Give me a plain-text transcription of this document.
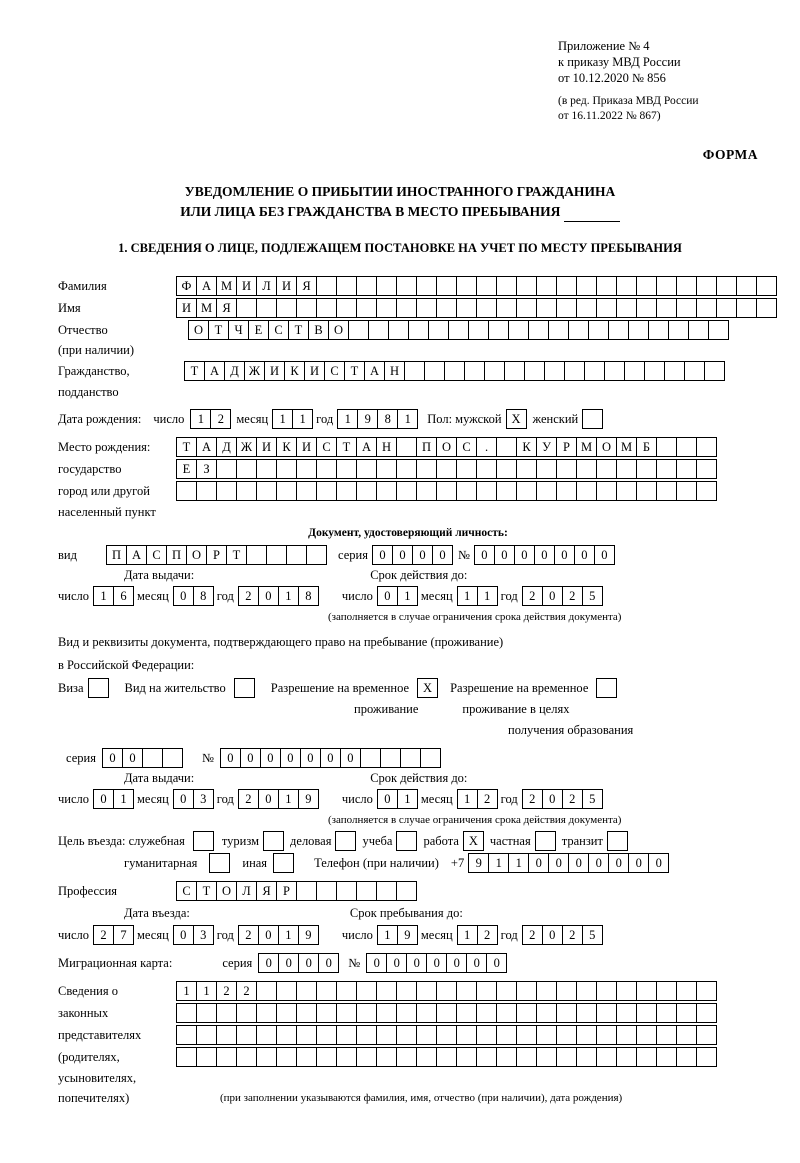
Приложение № 4
к приказу МВД России
от 10.12.2020 № 856
(в ред. Приказа МВД России
от 16.11.2022 № 867)
ФОРМА
УВЕДОМЛЕНИЕ О ПРИБЫТИИ ИНОСТРАННОГО ГРАЖДАНИНА
ИЛИ ЛИЦА БЕЗ ГРАЖДАНСТВА В МЕСТО ПРЕБЫВАНИЯ
1. СВЕДЕНИЯ О ЛИЦЕ, ПОДЛЕЖАЩЕМ ПОСТАНОВКЕ НА УЧЕТ ПО МЕСТУ ПРЕБЫВАНИЯ
Фамилия	Ф А М И Л И Я
Имя	И М Я
Отчество	О Т Ч Е С Т В О
(при наличии)
Гражданство,	Т А Д Ж И К И С Т А Н
подданство
Дата рождения: число	1	2 месяц 1	1 год 1	9	8	1	Пол: мужской Х женский
Место рождения:	Т А Д Ж И К И С Т А Н	П О С	.	К У Р М О М Б
государство	Е	З
город или другой
населенный пункт
Документ, удостоверяющий личность:
вид	П А С П О Р	Т	серия 0	0	0	0 № 0	0	0	0	0	0	0
Дата выдачи:	Срок действия до:
число 1	6 месяц 0	8 год 2	0	1	8	число 0	1 месяц 1	1 год 2	0	2	5
(заполняется в случае ограничения срока действия документа)
Вид и реквизиты документа, подтверждающего право на пребывание (проживание)
в Российской Федерации:
Виза	Вид на жительство	Разрешение на временное	Х	Разрешение на временное
проживание	проживание в целях
получения образования
серия	0	0	№	0	0	0	0	0	0	0
Дата выдачи:	Срок действия до:
число 0	1 месяц 0	3 год 2	0	1	9	число 0	1 месяц 1	2 год 2	0	2	5
(заполняется в случае ограничения срока действия документа)
Цель въезда: служебная	туризм деловая учеба работа Х частная транзит
гуманитарная	иная	Телефон (при наличии) +7 9	1	1	0	0	0	0	0	0	0
Профессия	С Т О Л Я Р
Дата въезда:	Срок пребывания до:
число 2	7 месяц 0	3 год 2	0	1	9	число 1	9 месяц 1	2 год 2	0	2	5
Миграционная карта:	серия	0	0	0	0	№	0	0	0	0	0	0	0
Сведения о	1	1	2	2
законных
представителях
(родителях,
усыновителях,
попечителях)	(при заполнении указываются фамилия, имя, отчество (при наличии), дата рождения)
